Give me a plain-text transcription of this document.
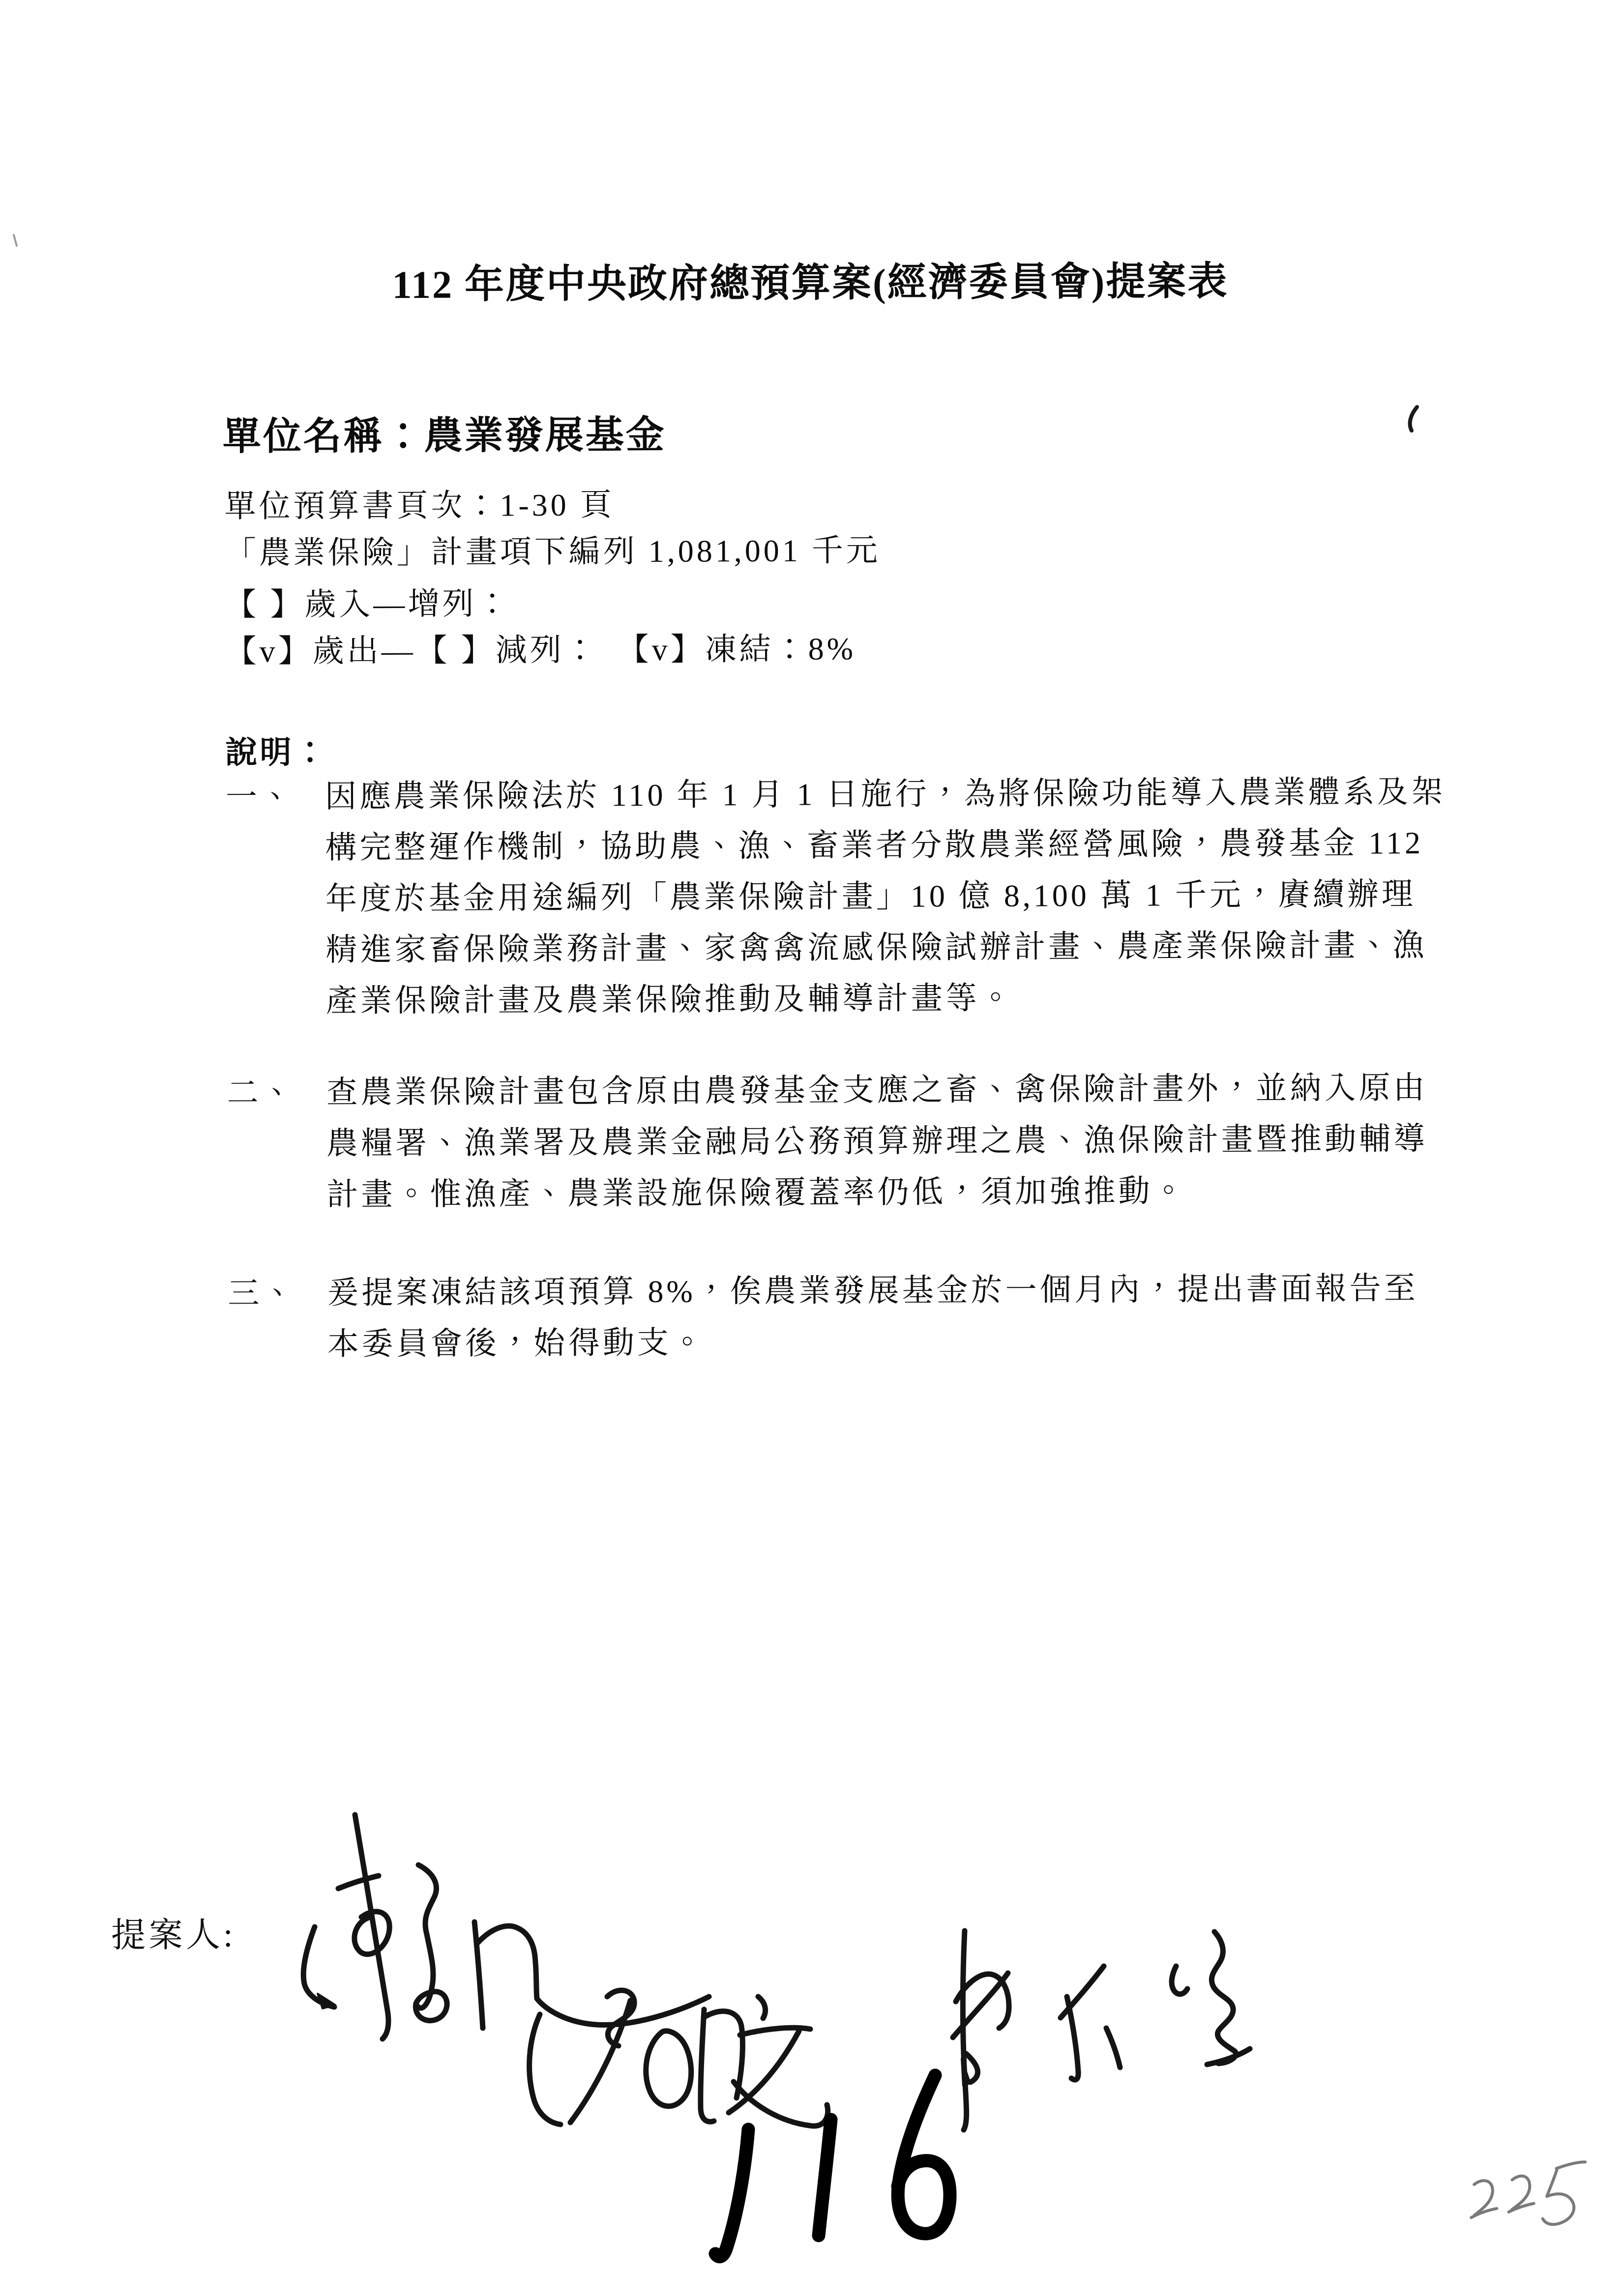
112 年度中央政府總預算案(經濟委員會)提案表
單位名稱：農業發展基金
單位預算書頁次：1-30 頁
「農業保險」計畫項下編列 1,081,001 千元
【 】歲入—增列：
【v】歲出—【 】減列：　【v】凍結：8%
說明：
一、 因應農業保險法於 110 年 1 月 1 日施行，為將保險功能導入農業體系及架
構完整運作機制，協助農、漁、畜業者分散農業經營風險，農發基金 112
年度於基金用途編列「農業保險計畫」10 億 8,100 萬 1 千元，賡續辦理
精進家畜保險業務計畫、家禽禽流感保險試辦計畫、農產業保險計畫、漁
產業保險計畫及農業保險推動及輔導計畫等。
二、 查農業保險計畫包含原由農發基金支應之畜、禽保險計畫外，並納入原由
農糧署、漁業署及農業金融局公務預算辦理之農、漁保險計畫暨推動輔導
計畫。惟漁產、農業設施保險覆蓋率仍低，須加強推動。
三、 爰提案凍結該項預算 8%，俟農業發展基金於一個月內，提出書面報告至
本委員會後，始得動支。
提案人:
